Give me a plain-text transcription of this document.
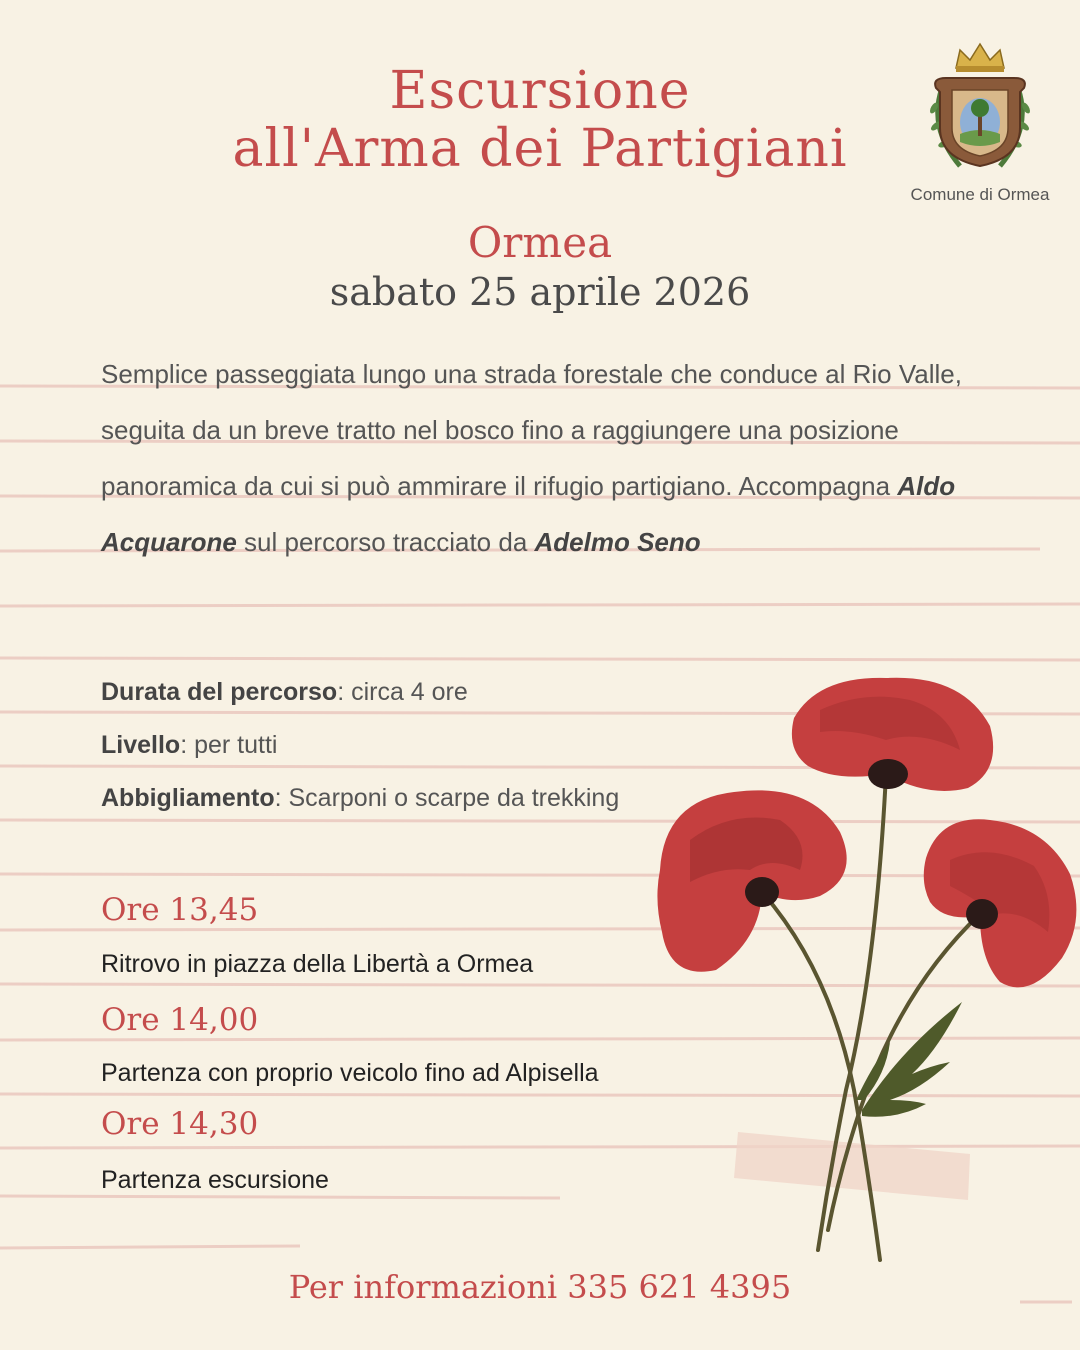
Escursione
all'Arma dei Partigiani
Comune di Ormea
Ormea
sabato 25 aprile 2026
Semplice passeggiata lungo una strada forestale che conduce al Rio Valle, seguita da un breve tratto nel bosco fino a raggiungere una posizione panoramica da cui si può ammirare il rifugio partigiano. Accompagna Aldo Acquarone sul percorso tracciato da Adelmo Seno

Durata del percorso: circa 4 ore

Livello: per tutti

Abbigliamento: Scarponi o scarpe da trekking

Ore 13,45

Ritrovo in piazza della Libertà a Ormea

Ore 14,00

Partenza con proprio veicolo fino ad Alpisella

Ore 14,30

Partenza escursione

Per informazioni 335 621 4395
